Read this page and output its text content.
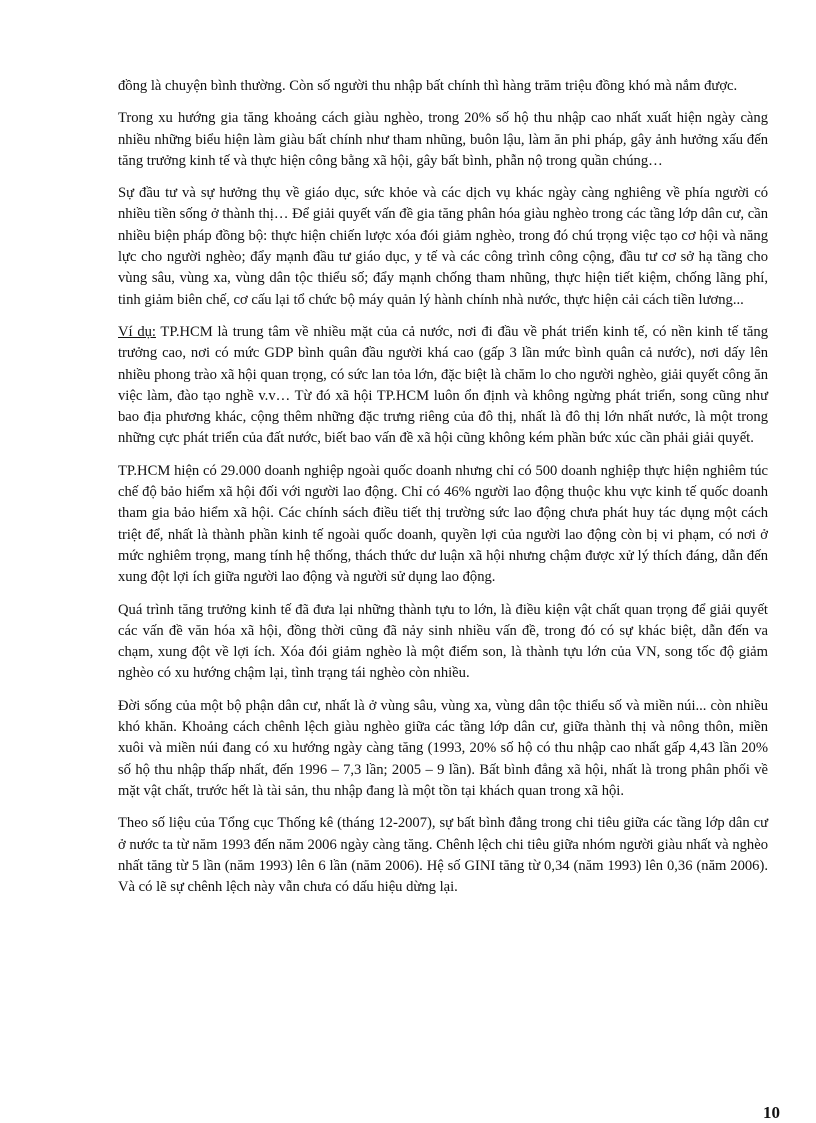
đồng là chuyện bình thường. Còn số người thu nhập bất chính thì hàng trăm triệu đồng khó mà nắm được.

Trong xu hướng gia tăng khoảng cách giàu nghèo, trong 20% số hộ thu nhập cao nhất xuất hiện ngày càng nhiều những biểu hiện làm giàu bất chính như tham nhũng, buôn lậu, làm ăn phi pháp, gây ảnh hưởng xấu đến tăng trưởng kinh tế và thực hiện công bằng xã hội, gây bất bình, phẫn nộ trong quần chúng…

Sự đầu tư và sự hưởng thụ về giáo dục, sức khỏe và các dịch vụ khác ngày càng nghiêng về phía người có nhiều tiền sống ở thành thị… Để giải quyết vấn đề gia tăng phân hóa giàu nghèo trong các tầng lớp dân cư, cần nhiều biện pháp đồng bộ: thực hiện chiến lược xóa đói giảm nghèo, trong đó chú trọng việc tạo cơ hội và năng lực cho người nghèo; đẩy mạnh đầu tư giáo dục, y tế và các công trình công cộng, đầu tư cơ sở hạ tầng cho vùng sâu, vùng xa, vùng dân tộc thiểu số; đẩy mạnh chống tham nhũng, thực hiện tiết kiệm, chống lãng phí, tinh giảm biên chế, cơ cấu lại tổ chức bộ máy quản lý hành chính nhà nước, thực hiện cải cách tiền lương...

Ví dụ: TP.HCM là trung tâm về nhiều mặt của cả nước, nơi đi đầu về phát triển kinh tế, có nền kinh tế tăng trưởng cao, nơi có mức GDP bình quân đầu người khá cao (gấp 3 lần mức bình quân cả nước), nơi dấy lên nhiều phong trào xã hội quan trọng, có sức lan tỏa lớn, đặc biệt là chăm lo cho người nghèo, giải quyết công ăn việc làm, đào tạo nghề v.v… Từ đó xã hội TP.HCM luôn ổn định và không ngừng phát triển, song cũng như bao địa phương khác, cộng thêm những đặc trưng riêng của đô thị, nhất là đô thị lớn nhất nước, là một trong những cực phát triển của đất nước, biết bao vấn đề xã hội cũng không kém phần bức xúc cần phải giải quyết.

TP.HCM hiện có 29.000 doanh nghiệp ngoài quốc doanh nhưng chỉ có 500 doanh nghiệp thực hiện nghiêm túc chế độ bảo hiểm xã hội đối với người lao động. Chỉ có 46% người lao động thuộc khu vực kinh tế quốc doanh tham gia bảo hiểm xã hội. Các chính sách điều tiết thị trường sức lao động chưa phát huy tác dụng một cách triệt để, nhất là thành phần kinh tế ngoài quốc doanh, quyền lợi của người lao động còn bị vi phạm, có nơi ở mức nghiêm trọng, mang tính hệ thống, thách thức dư luận xã hội nhưng chậm được xử lý thích đáng, dẫn đến xung đột lợi ích giữa người lao động và người sử dụng lao động.

Quá trình tăng trưởng kinh tế đã đưa lại những thành tựu to lớn, là điều kiện vật chất quan trọng để giải quyết các vấn đề văn hóa xã hội, đồng thời cũng đã nảy sinh nhiều vấn đề, trong đó có sự khác biệt, dẫn đến va chạm, xung đột về lợi ích. Xóa đói giảm nghèo là một điểm son, là thành tựu lớn của VN, song tốc độ giảm nghèo có xu hướng chậm lại, tình trạng tái nghèo còn nhiều.

Đời sống của một bộ phận dân cư, nhất là ở vùng sâu, vùng xa, vùng dân tộc thiểu số và miền núi... còn nhiều khó khăn. Khoảng cách chênh lệch giàu nghèo giữa các tầng lớp dân cư, giữa thành thị và nông thôn, miền xuôi và miền núi đang có xu hướng ngày càng tăng (1993, 20% số hộ có thu nhập cao nhất gấp 4,43 lần 20% số hộ thu nhập thấp nhất, đến 1996 – 7,3 lần; 2005 – 9 lần). Bất bình đẳng xã hội, nhất là trong phân phối về mặt vật chất, trước hết là tài sản, thu nhập đang là một tồn tại khách quan trong xã hội.

Theo số liệu của Tổng cục Thống kê (tháng 12-2007), sự bất bình đẳng trong chi tiêu giữa các tầng lớp dân cư ở nước ta từ năm 1993 đến năm 2006 ngày càng tăng. Chênh lệch chi tiêu giữa nhóm người giàu nhất và nghèo nhất tăng từ 5 lần (năm 1993) lên 6 lần (năm 2006). Hệ số GINI tăng từ 0,34 (năm 1993) lên 0,36 (năm 2006). Và có lẽ sự chênh lệch này vẫn chưa có dấu hiệu dừng lại.

10
